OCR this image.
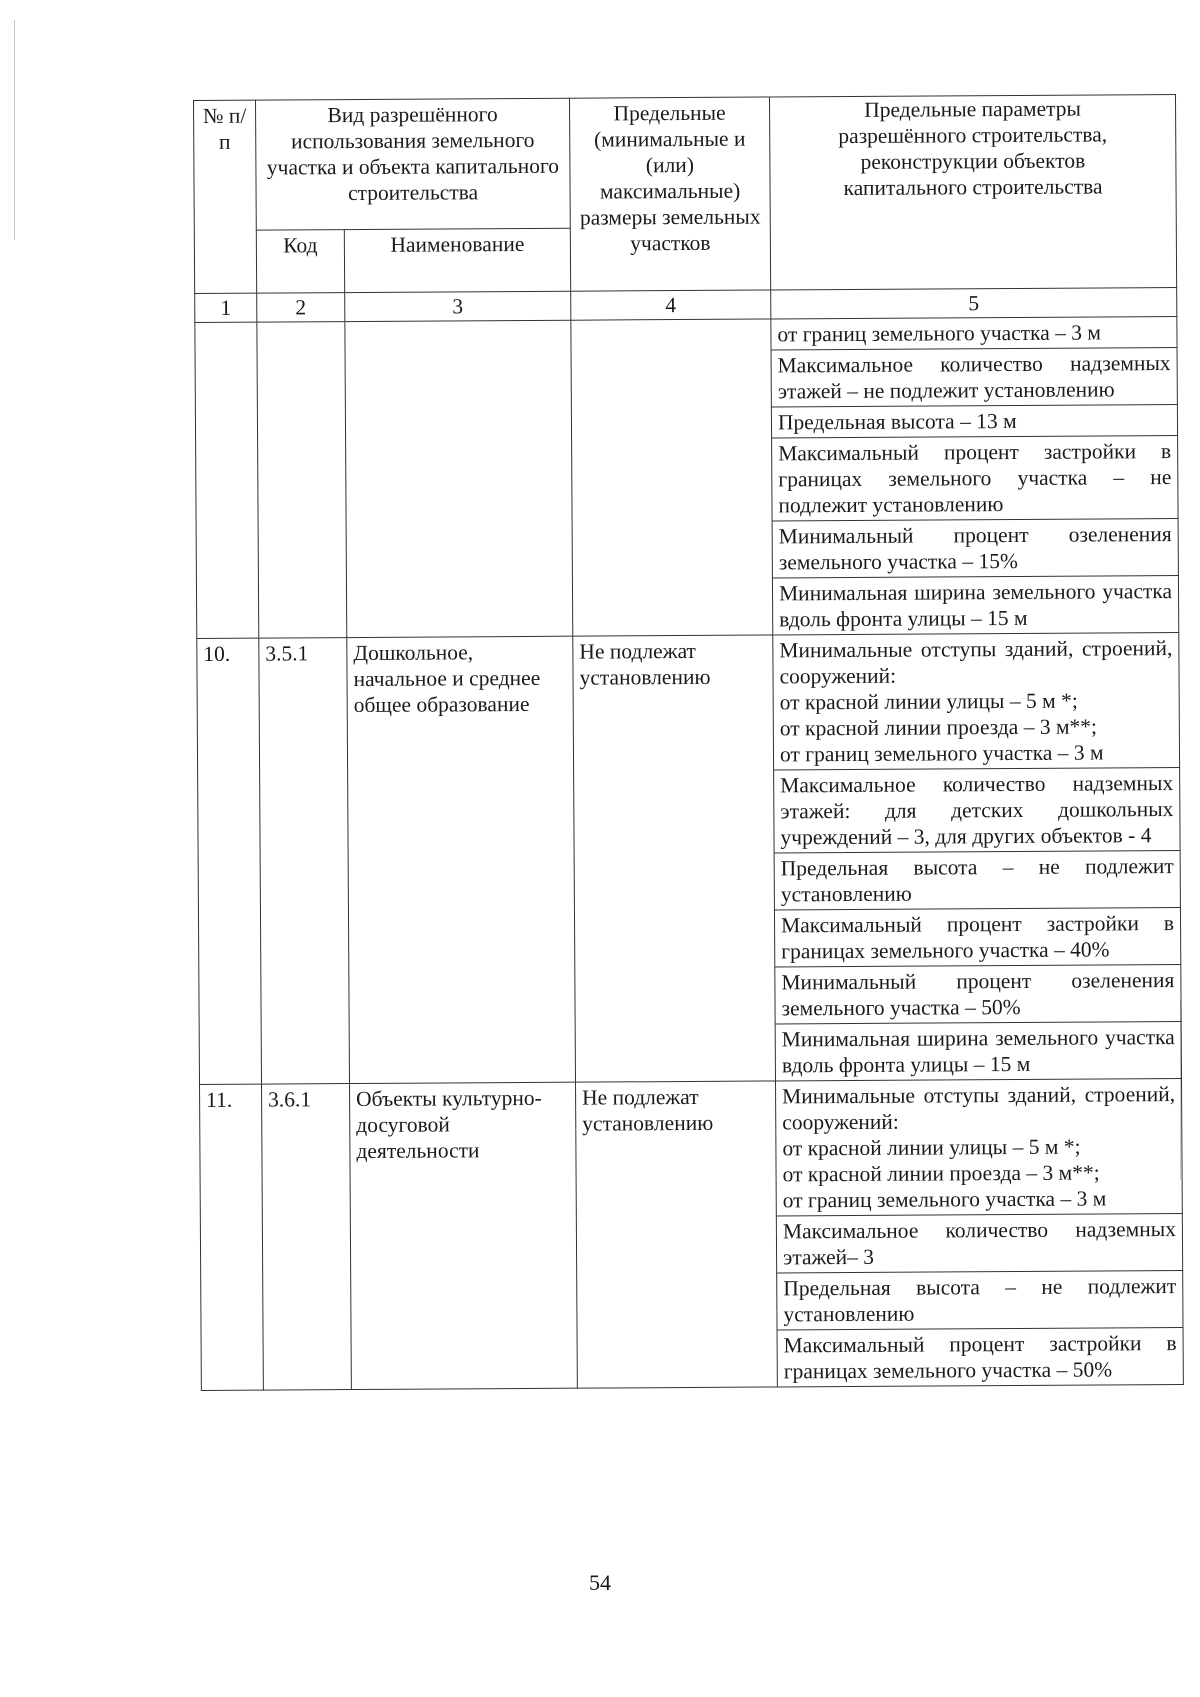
№ п/п	Вид разрешённого использования земельного участка и объекта капитального строительства		Предельные (минимальные и (или) максимальные) размеры земельных участков	Предельные параметры разрешённого строительства, реконструкции объектов капитального строительства
	Код	Наименование		
1	2	3	4	5
				от границ земельного участка – 3 м
				Максимальное количество надземных этажей – не подлежит установлению
				Предельная высота – 13 м
				Максимальный процент застройки в границах земельного участка – не подлежит установлению
				Минимальный процент озеленения земельного участка – 15%
				Минимальная ширина земельного участка вдоль фронта улицы – 15 м
10.	3.5.1	Дошкольное, начальное и среднее общее образование	Не подлежат установлению	Минимальные отступы зданий, строений, сооружений:
от красной линии улицы – 5 м *;
от красной линии проезда – 3 м**;
от границ земельного участка – 3 м

				Максимальное количество надземных этажей: для детских дошкольных учреждений – 3, для других объектов - 4
				Предельная высота – не подлежит установлению
				Максимальный процент застройки в границах земельного участка – 40%
				Минимальный процент озеленения земельного участка – 50%
				Минимальная ширина земельного участка вдоль фронта улицы – 15 м
11.	3.6.1	Объекты культурно-досуговой деятельности	Не подлежат установлению	Минимальные отступы зданий, строений, сооружений:
от красной линии улицы – 5 м *;
от красной линии проезда – 3 м**;
от границ земельного участка – 3 м

				Максимальное количество надземных этажей– 3
				Предельная высота – не подлежит установлению
				Максимальный процент застройки в границах земельного участка – 50%
54
